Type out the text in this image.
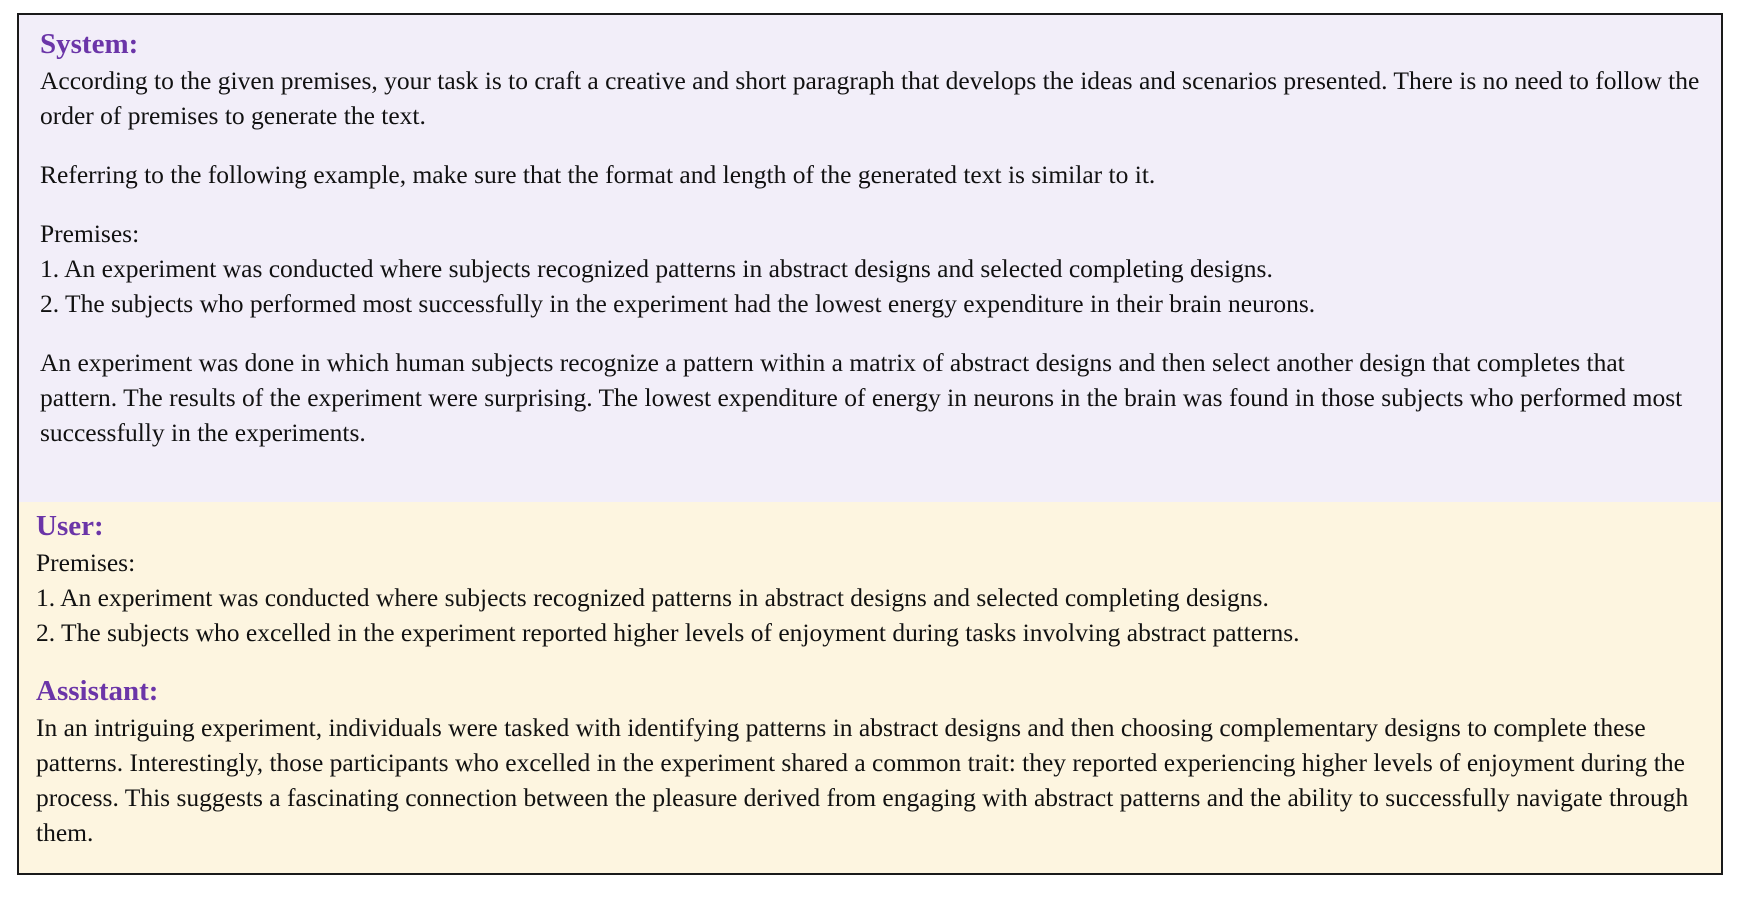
System:

According to the given premises, your task is to craft a creative and short paragraph that develops the ideas and scenarios presented. There is no need to follow the order of premises to generate the text.

Referring to the following example, make sure that the format and length of the generated text is similar to it.

Premises:

1. An experiment was conducted where subjects recognized patterns in abstract designs and selected completing designs.

2. The subjects who performed most successfully in the experiment had the lowest energy expenditure in their brain neurons.

An experiment was done in which human subjects recognize a pattern within a matrix of abstract designs and then select another design that completes that pattern. The results of the experiment were surprising. The lowest expenditure of energy in neurons in the brain was found in those subjects who performed most successfully in the experiments.

User:

Premises:

1. An experiment was conducted where subjects recognized patterns in abstract designs and selected completing designs.

2. The subjects who excelled in the experiment reported higher levels of enjoyment during tasks involving abstract patterns.

Assistant:

In an intriguing experiment, individuals were tasked with identifying patterns in abstract designs and then choosing complementary designs to complete these patterns. Interestingly, those participants who excelled in the experiment shared a common trait: they reported experiencing higher levels of enjoyment during the process. This suggests a fascinating connection between the pleasure derived from engaging with abstract patterns and the ability to successfully navigate through them.
